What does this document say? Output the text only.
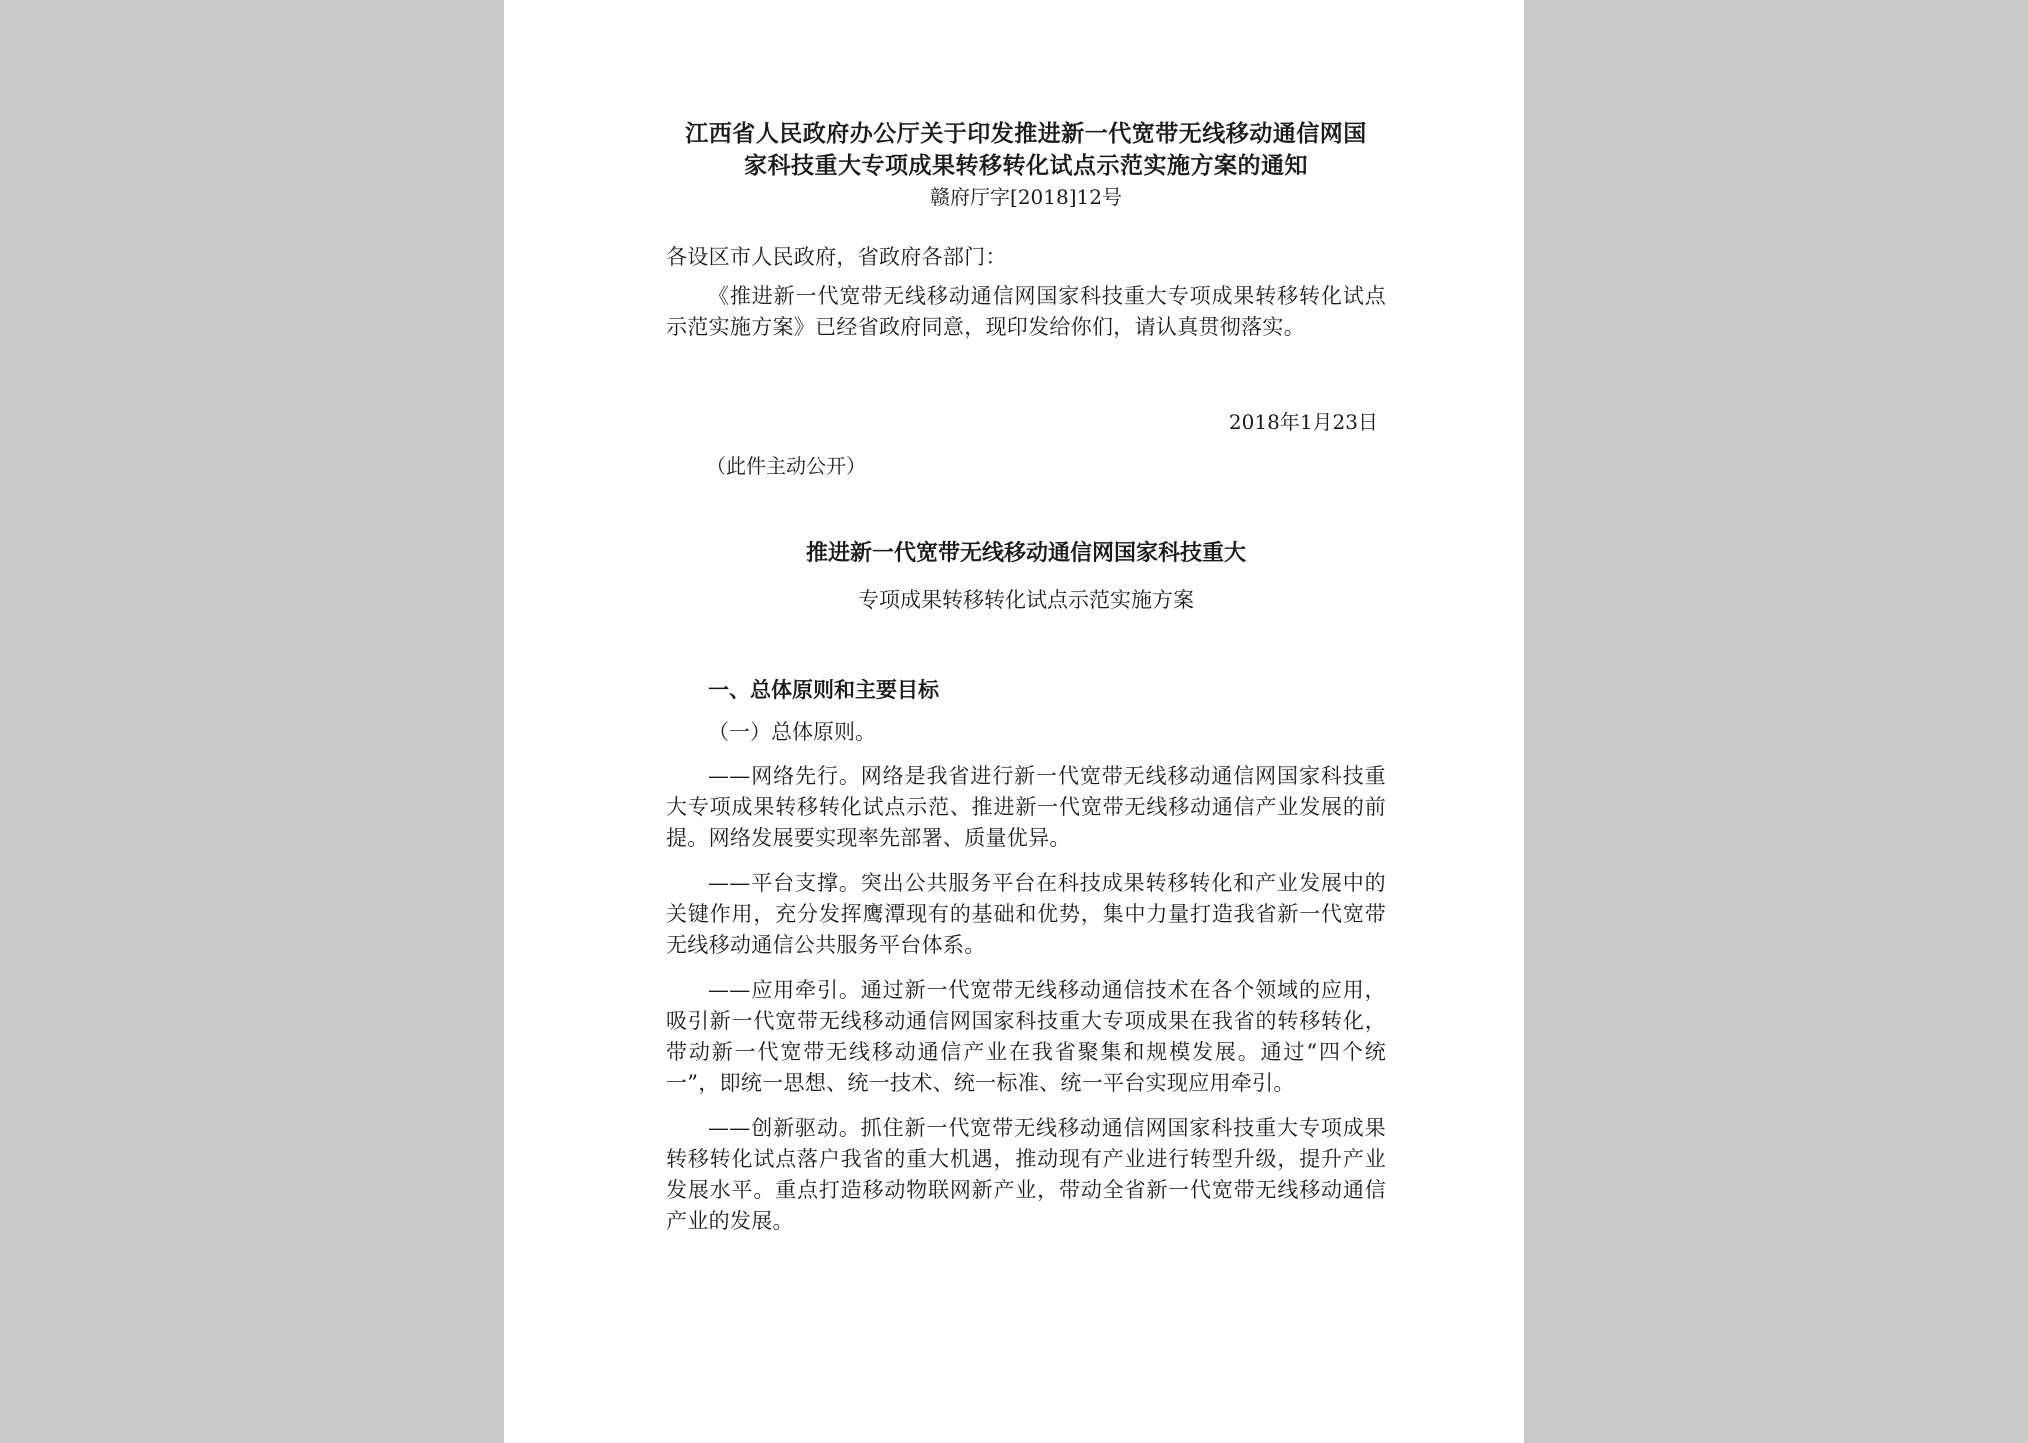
江西省人民政府办公厅关于印发推进新一代宽带无线移动通信网国
家科技重大专项成果转移转化试点示范实施方案的通知

赣府厅字[2018]12号

各设区市人民政府，省政府各部门：

《推进新一代宽带无线移动通信网国家科技重大专项成果转移转化试点示范实施方案》已经省政府同意，现印发给你们，请认真贯彻落实。

2018年1月23日

（此件主动公开）

推进新一代宽带无线移动通信网国家科技重大

专项成果转移转化试点示范实施方案

一、总体原则和主要目标

（一）总体原则。

——网络先行。网络是我省进行新一代宽带无线移动通信网国家科技重大专项成果转移转化试点示范、推进新一代宽带无线移动通信产业发展的前提。网络发展要实现率先部署、质量优异。

——平台支撑。突出公共服务平台在科技成果转移转化和产业发展中的关键作用，充分发挥鹰潭现有的基础和优势，集中力量打造我省新一代宽带无线移动通信公共服务平台体系。

——应用牵引。通过新一代宽带无线移动通信技术在各个领域的应用，吸引新一代宽带无线移动通信网国家科技重大专项成果在我省的转移转化，带动新一代宽带无线移动通信产业在我省聚集和规模发展。通过“四个统一”，即统一思想、统一技术、统一标准、统一平台实现应用牵引。

——创新驱动。抓住新一代宽带无线移动通信网国家科技重大专项成果转移转化试点落户我省的重大机遇，推动现有产业进行转型升级，提升产业发展水平。重点打造移动物联网新产业，带动全省新一代宽带无线移动通信产业的发展。
